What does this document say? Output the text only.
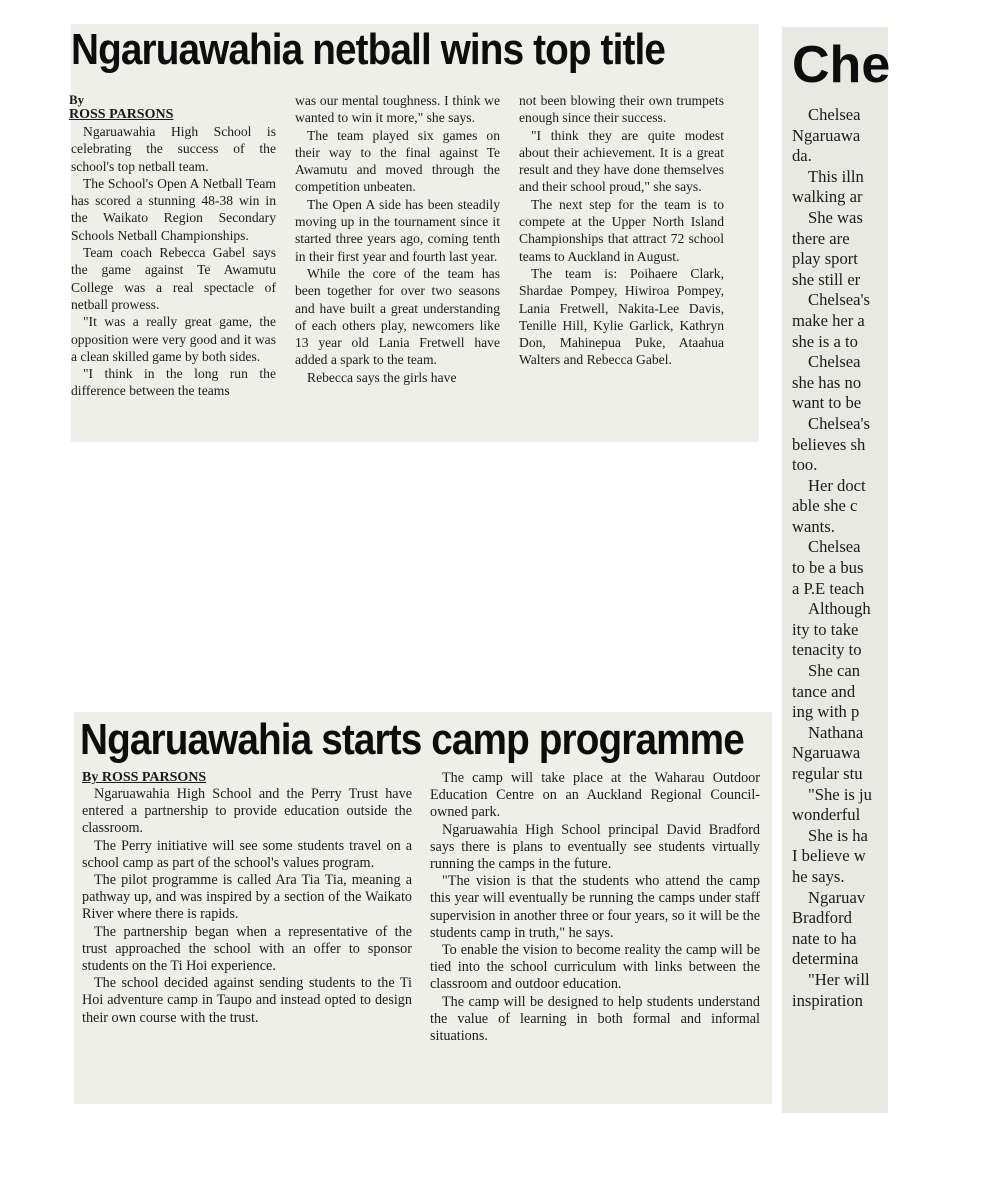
Ngaruawahia netball wins top title
By
ROSS PARSONS

Ngaruawahia High School is celebrating the success of the school's top netball team.

The School's Open A Netball Team has scored a stunning 48-38 win in the Waikato Region Secondary Schools Netball Championships.

Team coach Rebecca Gabel says the game against Te Awamutu College was a real spectacle of netball prowess.

"It was a really great game, the opposition were very good and it was a clean skilled game by both sides.

"I think in the long run the difference between the teams

was our mental toughness. I think we wanted to win it more," she says.

The team played six games on their way to the final against Te Awamutu and moved through the competition unbeaten.

The Open A side has been steadily moving up in the tournament since it started three years ago, coming tenth in their first year and fourth last year.

While the core of the team has been together for over two seasons and have built a great understanding of each others play, newcomers like 13 year old Lania Fretwell have added a spark to the team.

Rebecca says the girls have

not been blowing their own trumpets enough since their success.

"I think they are quite modest about their achievement. It is a great result and they have done themselves and their school proud," she says.

The next step for the team is to compete at the Upper North Island Championships that attract 72 school teams to Auckland in August.

The team is: Poihaere Clark, Shardae Pompey, Hiwiroa Pompey, Lania Fretwell, Nakita-Lee Davis, Tenille Hill, Kylie Garlick, Kathryn Don, Mahinepua Puke, Ataahua Walters and Rebecca Gabel.

Ngaruawahia starts camp programme
By ROSS PARSONS

Ngaruawahia High School and the Perry Trust have entered a partnership to provide education outside the classroom.

The Perry initiative will see some students travel on a school camp as part of the school's values program.

The pilot programme is called Ara Tia Tia, meaning a pathway up, and was inspired by a section of the Waikato River where there is rapids.

The partnership began when a representative of the trust approached the school with an offer to sponsor students on the Ti Hoi experience.

The school decided against sending students to the Ti Hoi adventure camp in Taupo and instead opted to design their own course with the trust.

The camp will take place at the Waharau Outdoor Education Centre on an Auckland Regional Council-owned park.

Ngaruawahia High School principal David Bradford says there is plans to eventually see students virtually running the camps in the future.

"The vision is that the students who attend the camp this year will eventually be running the camps under staff supervision in another three or four years, so it will be the students camp in truth," he says.

To enable the vision to become reality the camp will be tied into the school curriculum with links between the classroom and outdoor education.

The camp will be designed to help students understand the value of learning in both formal and informal situations.

Che
Chelsea
Ngaruawa
da.
This illn
walking ar
She was
there are
play sport
she still er
Chelsea's
make her a
she is a to
Chelsea
she has no
want to be
Chelsea's
believes sh
too.
Her doct
able she c
wants.
Chelsea
to be a bus
a P.E teach
Although
ity to take
tenacity to
She can
tance and
ing with p
Nathana
Ngaruawa
regular stu
"She is ju
wonderful
She is ha
I believe w
he says.
Ngaruav
Bradford
nate to ha
determina
"Her will
inspiration
